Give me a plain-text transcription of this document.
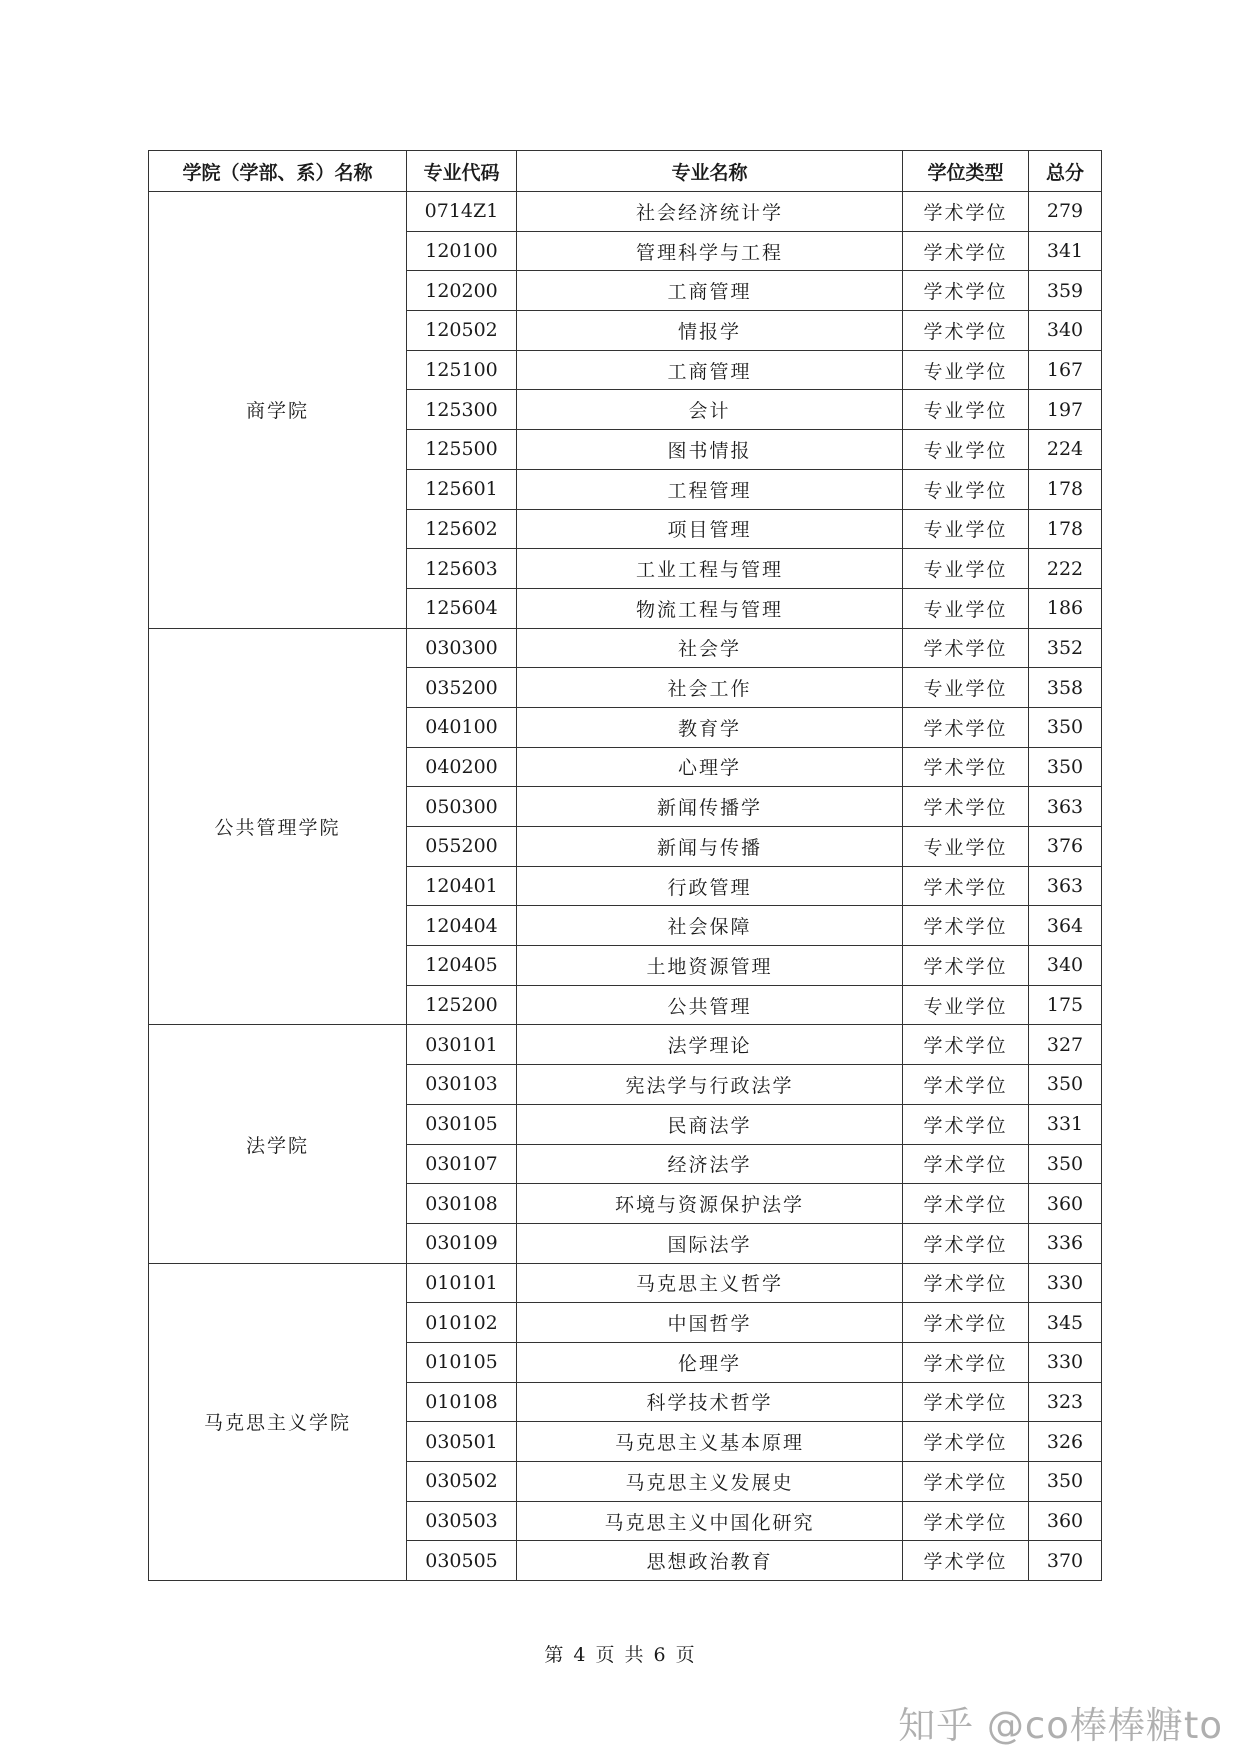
学院（学部、系）名称	专业代码	专业名称	学位类型	总分
商学院	0714Z1	社会经济统计学	学术学位	279
	120100	管理科学与工程	学术学位	341
	120200	工商管理	学术学位	359
	120502	情报学	学术学位	340
	125100	工商管理	专业学位	167
	125300	会计	专业学位	197
	125500	图书情报	专业学位	224
	125601	工程管理	专业学位	178
	125602	项目管理	专业学位	178
	125603	工业工程与管理	专业学位	222
	125604	物流工程与管理	专业学位	186
公共管理学院	030300	社会学	学术学位	352
	035200	社会工作	专业学位	358
	040100	教育学	学术学位	350
	040200	心理学	学术学位	350
	050300	新闻传播学	学术学位	363
	055200	新闻与传播	专业学位	376
	120401	行政管理	学术学位	363
	120404	社会保障	学术学位	364
	120405	土地资源管理	学术学位	340
	125200	公共管理	专业学位	175
法学院	030101	法学理论	学术学位	327
	030103	宪法学与行政法学	学术学位	350
	030105	民商法学	学术学位	331
	030107	经济法学	学术学位	350
	030108	环境与资源保护法学	学术学位	360
	030109	国际法学	学术学位	336
马克思主义学院	010101	马克思主义哲学	学术学位	330
	010102	中国哲学	学术学位	345
	010105	伦理学	学术学位	330
	010108	科学技术哲学	学术学位	323
	030501	马克思主义基本原理	学术学位	326
	030502	马克思主义发展史	学术学位	350
	030503	马克思主义中国化研究	学术学位	360
	030505	思想政治教育	学术学位	370
第 4 页 共 6 页
知乎 @co棒棒糖to
